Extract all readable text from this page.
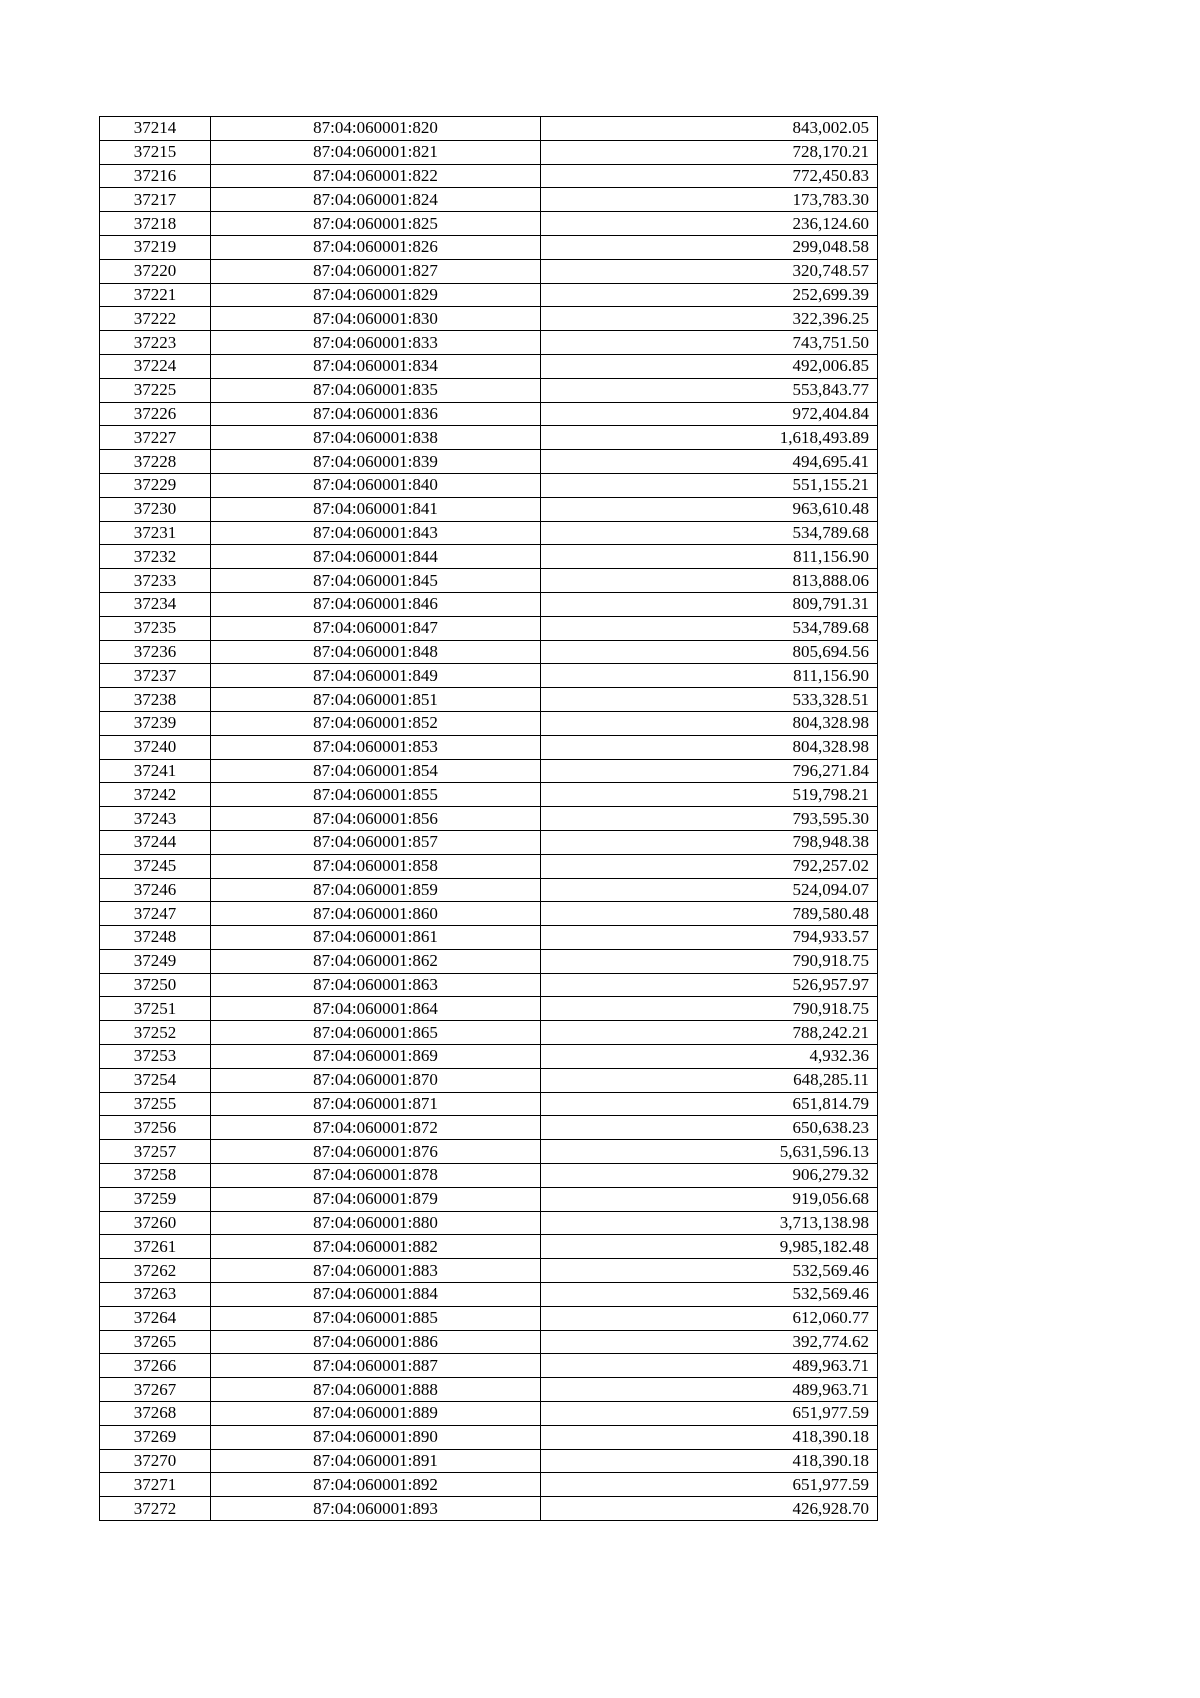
37214	87:04:060001:820	843,002.05
37215	87:04:060001:821	728,170.21
37216	87:04:060001:822	772,450.83
37217	87:04:060001:824	173,783.30
37218	87:04:060001:825	236,124.60
37219	87:04:060001:826	299,048.58
37220	87:04:060001:827	320,748.57
37221	87:04:060001:829	252,699.39
37222	87:04:060001:830	322,396.25
37223	87:04:060001:833	743,751.50
37224	87:04:060001:834	492,006.85
37225	87:04:060001:835	553,843.77
37226	87:04:060001:836	972,404.84
37227	87:04:060001:838	1,618,493.89
37228	87:04:060001:839	494,695.41
37229	87:04:060001:840	551,155.21
37230	87:04:060001:841	963,610.48
37231	87:04:060001:843	534,789.68
37232	87:04:060001:844	811,156.90
37233	87:04:060001:845	813,888.06
37234	87:04:060001:846	809,791.31
37235	87:04:060001:847	534,789.68
37236	87:04:060001:848	805,694.56
37237	87:04:060001:849	811,156.90
37238	87:04:060001:851	533,328.51
37239	87:04:060001:852	804,328.98
37240	87:04:060001:853	804,328.98
37241	87:04:060001:854	796,271.84
37242	87:04:060001:855	519,798.21
37243	87:04:060001:856	793,595.30
37244	87:04:060001:857	798,948.38
37245	87:04:060001:858	792,257.02
37246	87:04:060001:859	524,094.07
37247	87:04:060001:860	789,580.48
37248	87:04:060001:861	794,933.57
37249	87:04:060001:862	790,918.75
37250	87:04:060001:863	526,957.97
37251	87:04:060001:864	790,918.75
37252	87:04:060001:865	788,242.21
37253	87:04:060001:869	4,932.36
37254	87:04:060001:870	648,285.11
37255	87:04:060001:871	651,814.79
37256	87:04:060001:872	650,638.23
37257	87:04:060001:876	5,631,596.13
37258	87:04:060001:878	906,279.32
37259	87:04:060001:879	919,056.68
37260	87:04:060001:880	3,713,138.98
37261	87:04:060001:882	9,985,182.48
37262	87:04:060001:883	532,569.46
37263	87:04:060001:884	532,569.46
37264	87:04:060001:885	612,060.77
37265	87:04:060001:886	392,774.62
37266	87:04:060001:887	489,963.71
37267	87:04:060001:888	489,963.71
37268	87:04:060001:889	651,977.59
37269	87:04:060001:890	418,390.18
37270	87:04:060001:891	418,390.18
37271	87:04:060001:892	651,977.59
37272	87:04:060001:893	426,928.70
